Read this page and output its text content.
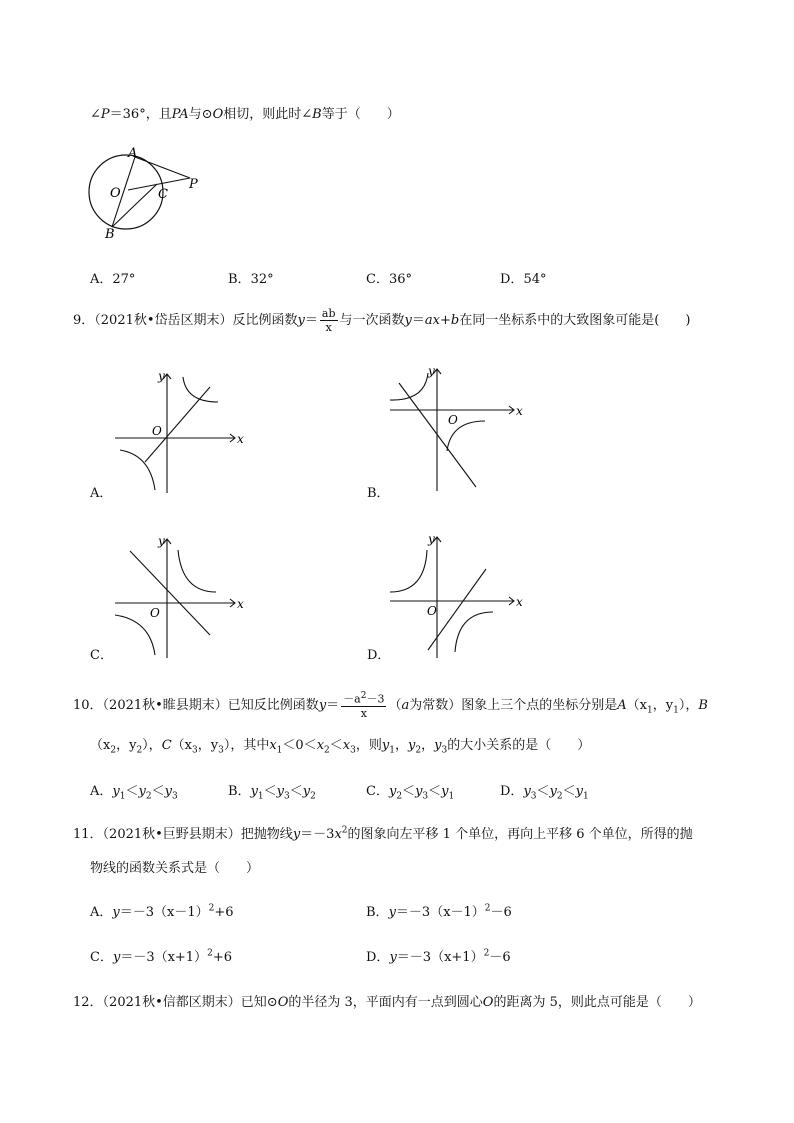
∠P＝36°，且PA与⊙O相切，则此时∠B等于（　　）
A
O	C
P
B
A．27°	B．32°	C．36°	D．54°
9．（2021秋•岱岳区期末）反比例函数$y= \frac{ab}{x}$ 与一次函数y＝ax+b在同一坐标系中的大致图象可能是(　　)
x
y
O
A．
x
y
O
B．
x
y
O
C．
x
y
O
D．
10．（2021秋•睢县期末）已知反比例函数$y= \frac{-a^2-3}{x} (a$为常数）图象上三个点的坐标分别是$A(x_1$，$y_1$），B
（$x_2$，$y_2$），$C(x_3$，$y_3$），其中$x_1<0<x_2<x_3$，则$y_1$，$y_2$，$y_3$的大小关系的是（　　）
A．$y_1<y_2<y_3$	B．$y_1<y_3<y_2$	C．$y_2<y_3<y_1$	D．$y_3<y_2<y_1$
11．（2021秋•巨野县期末）把抛物线$y=-3x^2$的图象向左平移 1 个单位，再向上平移 6 个单位，所得的抛
物线的函数关系式是（　　）
A．$y=-3(x-1)^2+6$	B．$y=-3(x-1)^2-6$
C．$y=-3(x+1)^2+6$	D．$y=-3(x+1)^2-6$
12．（2021秋•信都区期末）已知⊙O的半径为 3，平面内有一点到圆心O的距离为 5，则此点可能是（　　）
